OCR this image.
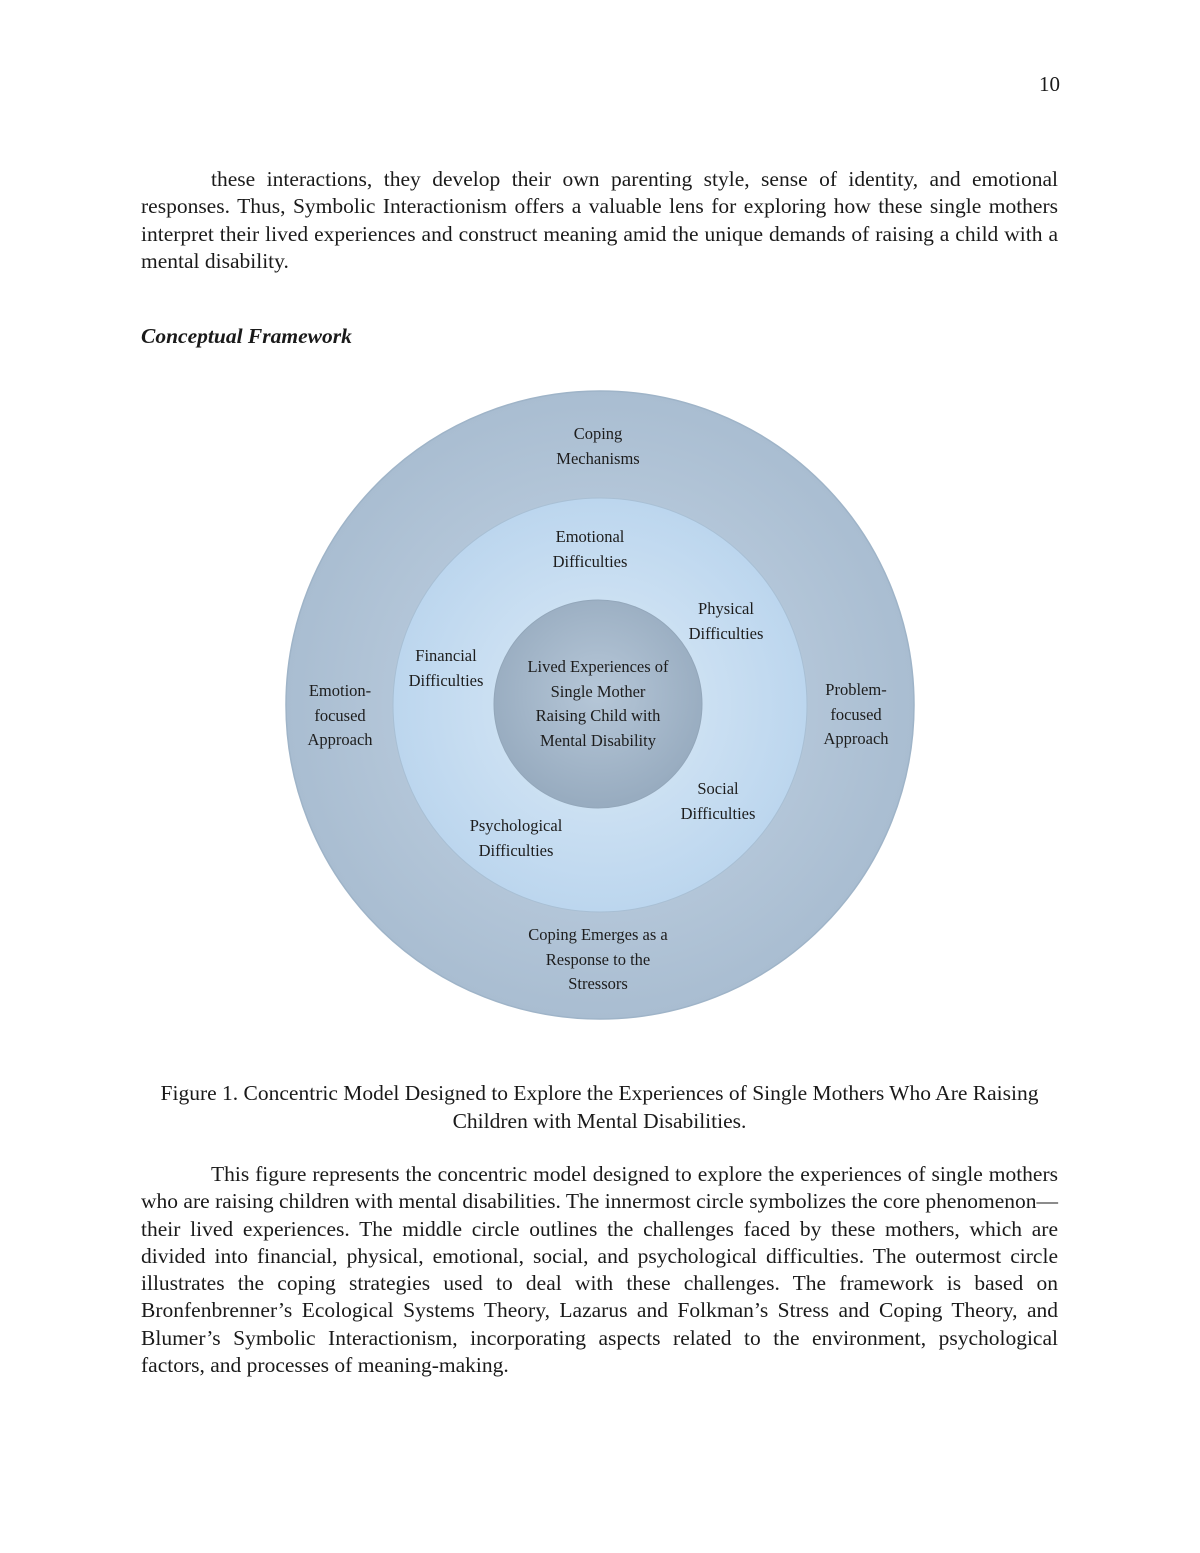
10

these interactions, they develop their own parenting style, sense of identity, and emotional responses. Thus, Symbolic Interactionism offers a valuable lens for exploring how these single mothers interpret their lived experiences and construct meaning amid the unique demands of raising a child with a mental disability.

Conceptual Framework
Coping
Mechanisms
Emotion-
focused
Approach
Problem-
focused
Approach
Coping Emerges as a
Response to the
Stressors
Emotional
Difficulties
Physical
Difficulties
Financial
Difficulties
Social
Difficulties
Psychological
Difficulties
Lived Experiences of
Single Mother
Raising Child with
Mental Disability

Figure 1. Concentric Model Designed to Explore the Experiences of Single Mothers Who Are Raising Children with Mental Disabilities.

This figure represents the concentric model designed to explore the experiences of single mothers who are raising children with mental disabilities. The innermost circle symbolizes the core phenomenon—their lived experiences. The middle circle outlines the challenges faced by these mothers, which are divided into financial, physical, emotional, social, and psychological difficulties. The outermost circle illustrates the coping strategies used to deal with these challenges. The framework is based on Bronfenbrenner’s Ecological Systems Theory, Lazarus and Folkman’s Stress and Coping Theory, and Blumer’s Symbolic Interactionism, incorporating aspects related to the environment, psychological factors, and processes of meaning-making.
